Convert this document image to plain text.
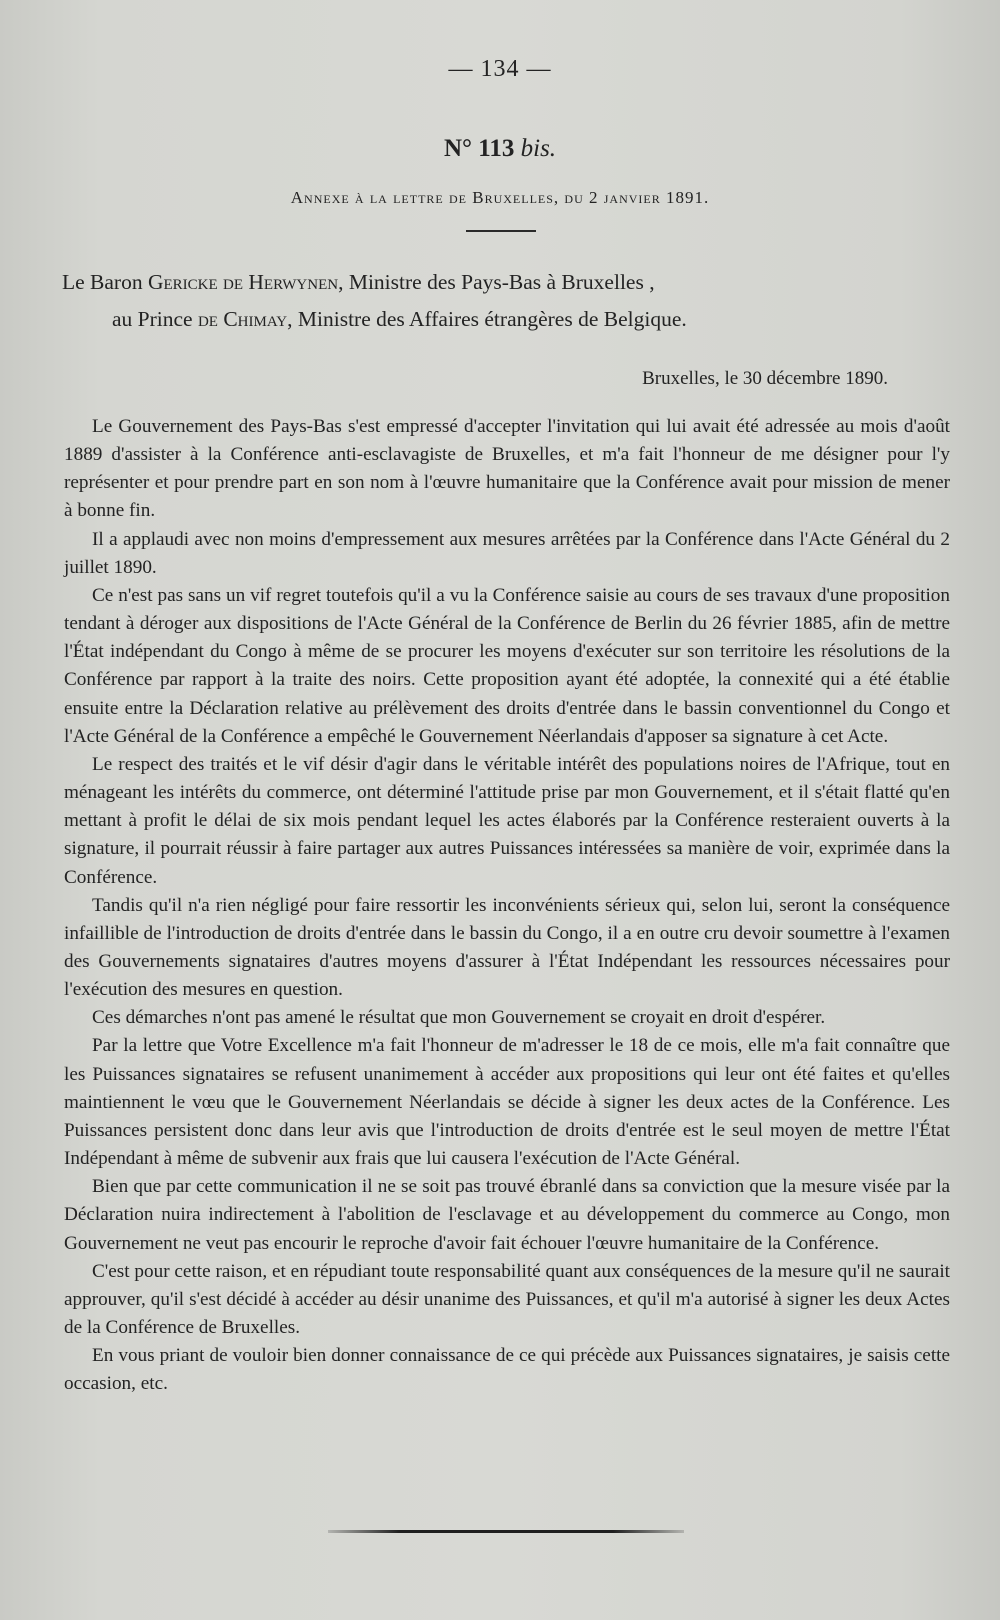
— 134 —
N° 113 bis.
Annexe à la lettre de Bruxelles, du 2 janvier 1891.
Le Baron Gericke de Herwynen, Ministre des Pays-Bas à Bruxelles ,
au Prince de Chimay, Ministre des Affaires étrangères de Belgique.
Bruxelles, le 30 décembre 1890.

Le Gouvernement des Pays-Bas s'est empressé d'accepter l'invitation qui lui avait été adressée au mois d'août 1889 d'assister à la Conférence anti-esclavagiste de Bruxelles, et m'a fait l'honneur de me désigner pour l'y représenter et pour prendre part en son nom à l'œuvre humanitaire que la Conférence avait pour mission de mener à bonne fin.

Il a applaudi avec non moins d'empressement aux mesures arrêtées par la Conférence dans l'Acte Général du 2 juillet 1890.

Ce n'est pas sans un vif regret toutefois qu'il a vu la Conférence saisie au cours de ses travaux d'une proposition tendant à déroger aux dispositions de l'Acte Général de la Conférence de Berlin du 26 février 1885, afin de mettre l'État indépendant du Congo à même de se procurer les moyens d'exécuter sur son territoire les résolutions de la Conférence par rapport à la traite des noirs. Cette proposition ayant été adoptée, la connexité qui a été établie ensuite entre la Déclaration relative au prélèvement des droits d'entrée dans le bassin conventionnel du Congo et l'Acte Général de la Conférence a empêché le Gouvernement Néerlandais d'apposer sa signature à cet Acte.

Le respect des traités et le vif désir d'agir dans le véritable intérêt des populations noires de l'Afrique, tout en ménageant les intérêts du commerce, ont déterminé l'attitude prise par mon Gouvernement, et il s'était flatté qu'en mettant à profit le délai de six mois pendant lequel les actes élaborés par la Conférence resteraient ouverts à la signature, il pourrait réussir à faire partager aux autres Puissances intéressées sa manière de voir, exprimée dans la Conférence.

Tandis qu'il n'a rien négligé pour faire ressortir les inconvénients sérieux qui, selon lui, seront la conséquence infaillible de l'introduction de droits d'entrée dans le bassin du Congo, il a en outre cru devoir soumettre à l'examen des Gouvernements signataires d'autres moyens d'assurer à l'État Indépendant les ressources nécessaires pour l'exécution des mesures en question.

Ces démarches n'ont pas amené le résultat que mon Gouvernement se croyait en droit d'espérer.

Par la lettre que Votre Excellence m'a fait l'honneur de m'adresser le 18 de ce mois, elle m'a fait connaître que les Puissances signataires se refusent unanimement à accéder aux propositions qui leur ont été faites et qu'elles maintiennent le vœu que le Gouvernement Néerlandais se décide à signer les deux actes de la Conférence. Les Puissances persistent donc dans leur avis que l'introduction de droits d'entrée est le seul moyen de mettre l'État Indépendant à même de subvenir aux frais que lui causera l'exécution de l'Acte Général.

Bien que par cette communication il ne se soit pas trouvé ébranlé dans sa conviction que la mesure visée par la Déclaration nuira indirectement à l'abolition de l'esclavage et au développement du commerce au Congo, mon Gouvernement ne veut pas encourir le reproche d'avoir fait échouer l'œuvre humanitaire de la Conférence.

C'est pour cette raison, et en répudiant toute responsabilité quant aux conséquences de la mesure qu'il ne saurait approuver, qu'il s'est décidé à accéder au désir unanime des Puissances, et qu'il m'a autorisé à signer les deux Actes de la Conférence de Bruxelles.

En vous priant de vouloir bien donner connaissance de ce qui précède aux Puissances signataires, je saisis cette occasion, etc.
